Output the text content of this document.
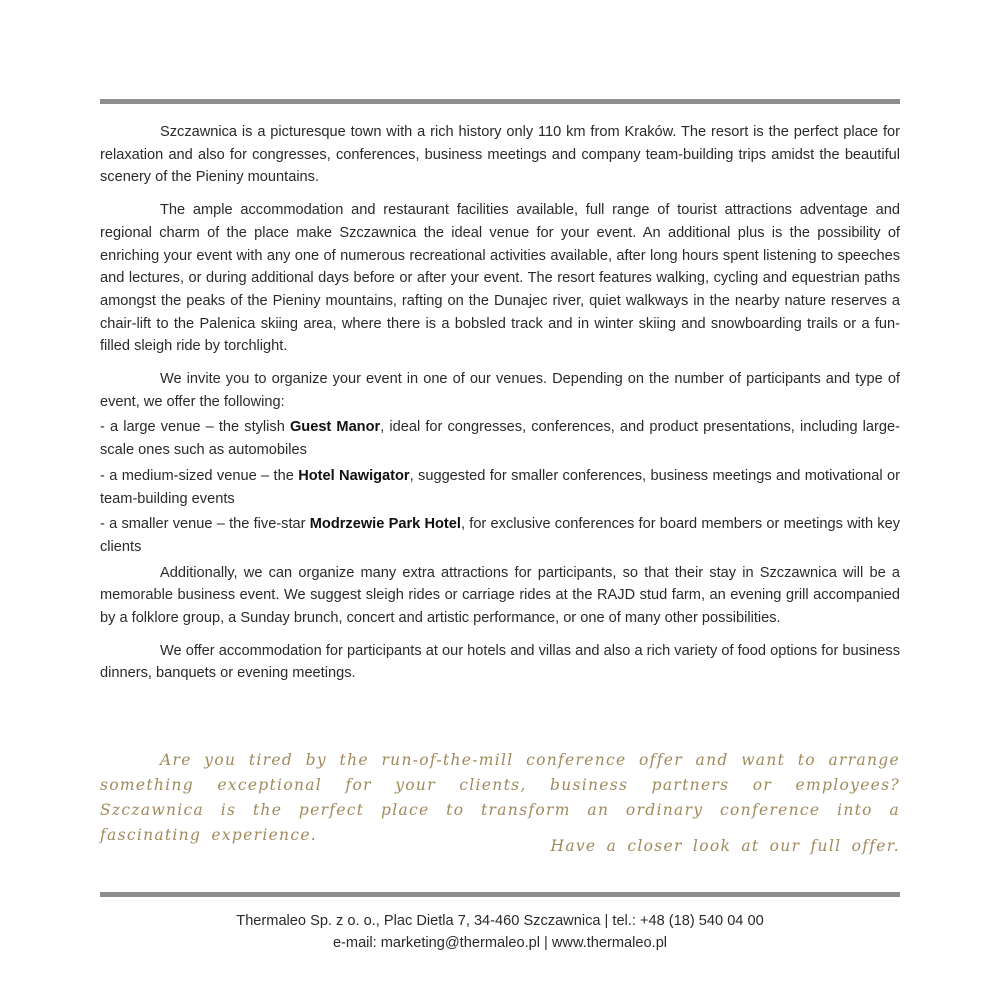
Szczawnica is a picturesque town with a rich history only 110 km from Kraków. The resort is the perfect place for relaxation and also for congresses, conferences, business meetings and company team-building trips amidst the beautiful scenery of the Pieniny mountains.

The ample accommodation and restaurant facilities available, full range of tourist attractions adventage and regional charm of the place make Szczawnica the ideal venue for your event. An additional plus is the possibility of enriching your event with any one of numerous recreational activities available, after long hours spent listening to speeches and lectures, or during additional days before or after your event. The resort features walking, cycling and equestrian paths amongst the peaks of the Pieniny mountains, rafting on the Dunajec river, quiet walkways in the nearby nature reserves a chair-lift to the Palenica skiing area, where there is a bobsled track and in winter skiing and snowboarding trails or a fun-filled sleigh ride by torchlight.

We invite you to organize your event in one of our venues. Depending on the number of participants and type of event, we offer the following:

- a large venue – the stylish Guest Manor, ideal for congresses, conferences, and product presentations, including large-scale ones such as automobiles

- a medium-sized venue – the Hotel Nawigator, suggested for smaller conferences, business meetings and motivational or team-building events

- a smaller venue – the five-star Modrzewie Park Hotel, for exclusive conferences for board members or meetings with key clients

Additionally, we can organize many extra attractions for participants, so that their stay in Szczawnica will be a memorable business event. We suggest sleigh rides or carriage rides at the RAJD stud farm, an evening grill accompanied by a folklore group, a Sunday brunch, concert and artistic performance, or one of many other possibilities.

We offer accommodation for participants at our hotels and villas and also a rich variety of food options for business dinners, banquets or evening meetings.

Are you tired by the run-of-the-mill conference offer and want to arrange something exceptional for your clients, business partners or employees? Szczawnica is the perfect place to transform an ordinary conference into a fascinating experience.
Have a closer look at our full offer.
Thermaleo Sp. z o. o., Plac Dietla 7, 34-460 Szczawnica | tel.: +48 (18) 540 04 00
e-mail: marketing@thermaleo.pl | www.thermaleo.pl
